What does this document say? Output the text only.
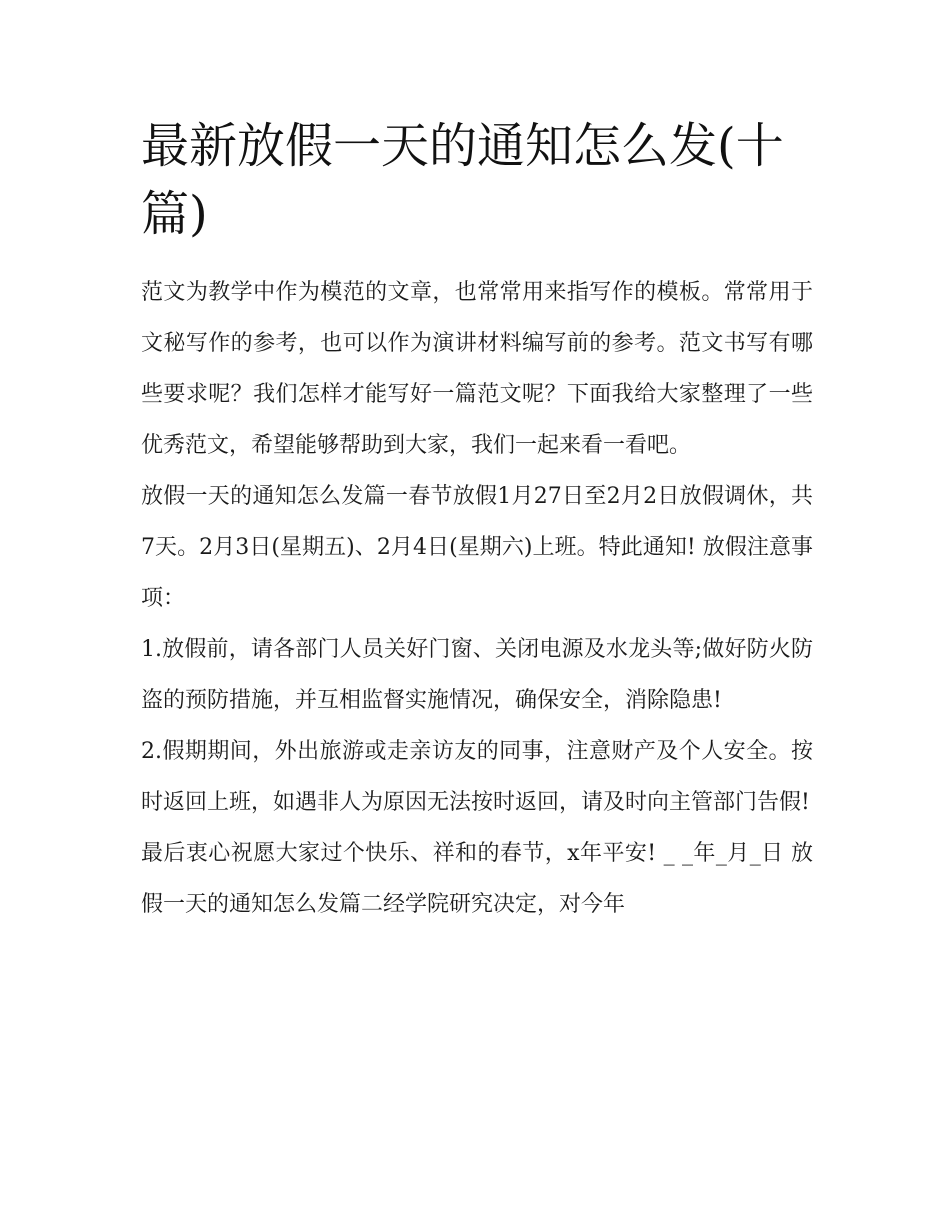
最新放假一天的通知怎么发(十篇)

范文为教学中作为模范的文章，也常常用来指写作的模板。常常用于文秘写作的参考，也可以作为演讲材料编写前的参考。范文书写有哪些要求呢？我们怎样才能写好一篇范文呢？下面我给大家整理了一些优秀范文，希望能够帮助到大家，我们一起来看一看吧。

放假一天的通知怎么发篇一春节放假1月27日至2月2日放假调休，共7天。2月3日(星期五)、2月4日(星期六)上班。特此通知! 放假注意事项：

1.放假前，请各部门人员关好门窗、关闭电源及水龙头等;做好防火防盗的预防措施，并互相监督实施情况，确保安全，消除隐患!

2.假期期间，外出旅游或走亲访友的同事，注意财产及个人安全。按时返回上班，如遇非人为原因无法按时返回，请及时向主管部门告假!

最后衷心祝愿大家过个快乐、祥和的春节，x年平安! _ _年_月_日 放假一天的通知怎么发篇二经学院研究决定，对今年
